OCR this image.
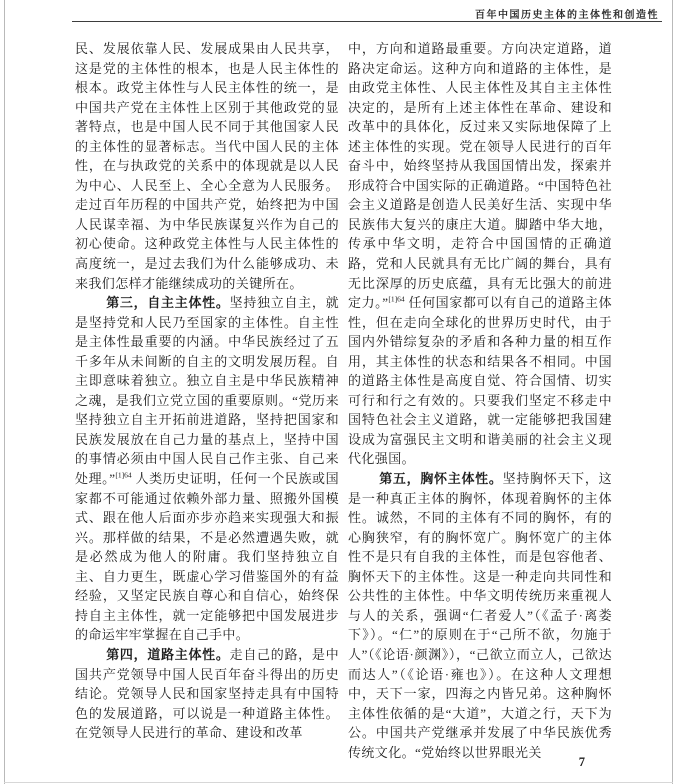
百年中国历史主体的主体性和创造性

民、发展依靠人民、发展成果由人民共享，这是党的主体性的根本，也是人民主体性的根本。政党主体性与人民主体性的统一，是中国共产党在主体性上区别于其他政党的显著特点，也是中国人民不同于其他国家人民的主体性的显著标志。当代中国人民的主体性，在与执政党的关系中的体现就是以人民为中心、人民至上、全心全意为人民服务。走过百年历程的中国共产党，始终把为中国人民谋幸福、为中华民族谋复兴作为自己的初心使命。这种政党主体性与人民主体性的高度统一，是过去我们为什么能够成功、未来我们怎样才能继续成功的关键所在。

第三，自主主体性。坚持独立自主，就是坚持党和人民乃至国家的主体性。自主性是主体性最重要的内涵。中华民族经过了五千多年从未间断的自主的文明发展历程。自主即意味着独立。独立自主是中华民族精神之魂，是我们立党立国的重要原则。“党历来坚持独立自主开拓前进道路，坚持把国家和民族发展放在自己力量的基点上，坚持中国的事情必须由中国人民自己作主张、自己来处理。”$^{[1]64}$ 人类历史证明，任何一个民族或国家都不可能通过依赖外部力量、照搬外国模式、跟在他人后面亦步亦趋来实现强大和振兴。那样做的结果，不是必然遭遇失败，就是必然成为他人的附庸。我们坚持独立自主、自力更生，既虚心学习借鉴国外的有益经验，又坚定民族自尊心和自信心，始终保持自主主体性，就一定能够把中国发展进步的命运牢牢掌握在自己手中。

第四，道路主体性。走自己的路，是中国共产党领导中国人民百年奋斗得出的历史结论。党领导人民和国家坚持走具有中国特色的发展道路，可以说是一种道路主体性。在党领导人民进行的革命、建设和改革

中，方向和道路最重要。方向决定道路，道路决定命运。这种方向和道路的主体性，是由政党主体性、人民主体性及其自主主体性决定的，是所有上述主体性在革命、建设和改革中的具体化，反过来又实际地保障了上述主体性的实现。党在领导人民进行的百年奋斗中，始终坚持从我国国情出发，探索并形成符合中国实际的正确道路。“中国特色社会主义道路是创造人民美好生活、实现中华民族伟大复兴的康庄大道。脚踏中华大地，传承中华文明，走符合中国国情的正确道路，党和人民就具有无比广阔的舞台，具有无比深厚的历史底蕴，具有无比强大的前进定力。”$^{[1]64}$ 任何国家都可以有自己的道路主体性，但在走向全球化的世界历史时代，由于国内外错综复杂的矛盾和各种力量的相互作用，其主体性的状态和结果各不相同。中国的道路主体性是高度自觉、符合国情、切实可行和行之有效的。只要我们坚定不移走中国特色社会主义道路，就一定能够把我国建设成为富强民主文明和谐美丽的社会主义现代化强国。

第五，胸怀主体性。坚持胸怀天下，这是一种真正主体的胸怀，体现着胸怀的主体性。诚然，不同的主体有不同的胸怀，有的心胸狭窄，有的胸怀宽广。胸怀宽广的主体性不是只有自我的主体性，而是包容他者、胸怀天下的主体性。这是一种走向共同性和公共性的主体性。中华文明传统历来重视人与人的关系，强调“仁者爱人”（《孟子·离娄下》）。“仁”的原则在于“己所不欲，勿施于人”（《论语·颜渊》），“己欲立而立人，己欲达而达人”（《论语·雍也》）。在这种人文理想中，天下一家，四海之内皆兄弟。这种胸怀主体性依循的是“大道”，大道之行，天下为公。中国共产党继承并发展了中华民族优秀传统文化。“党始终以世界眼光关

7
